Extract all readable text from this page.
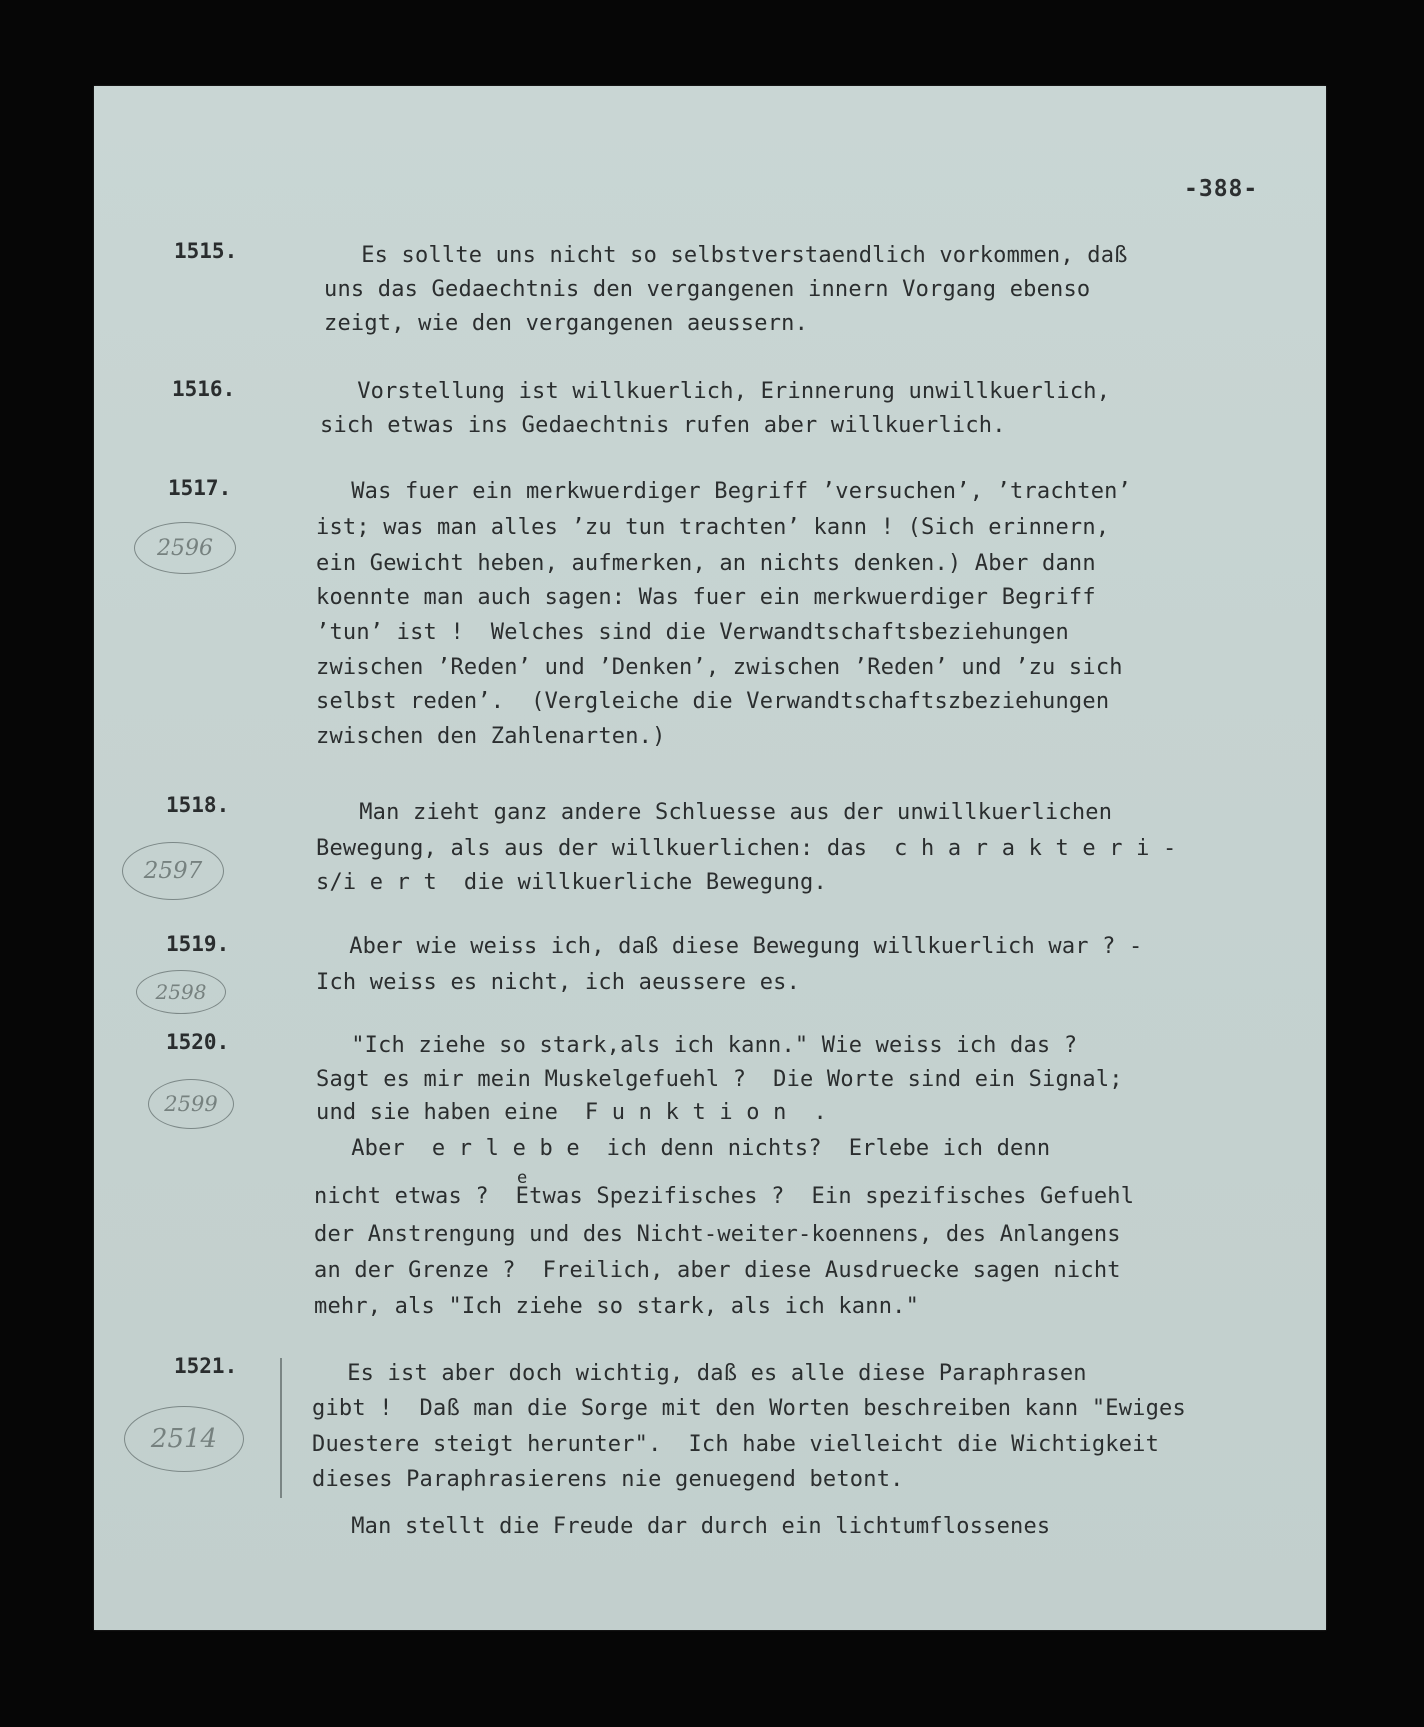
-388-
1515.	Es sollte uns nicht so selbstverstaendlich vorkommen, daß
uns das Gedaechtnis den vergangenen innern Vorgang ebenso
zeigt, wie den vergangenen aeussern.
1516. Vorstellung ist willkuerlich, Erinnerung unwillkuerlich,
sich etwas ins Gedaechtnis rufen aber willkuerlich.
1517.
2596
Was fuer ein merkwuerdiger Begriff ’versuchen’, ’trachten’
ist; was man alles ’zu tun trachten’ kann ! (Sich erinnern,
ein Gewicht heben, aufmerken, an nichts denken.) Aber dann
koennte man auch sagen: Was fuer ein merkwuerdiger Begriff
’tun’ ist !  Welches sind die Verwandtschaftsbeziehungen
zwischen ’Reden’ und ’Denken’, zwischen ’Reden’ und ’zu sich
selbst reden’.  (Vergleiche die Verwandtschaftszbeziehungen
zwischen den Zahlenarten.)
1518.
2597
Man zieht ganz andere Schluesse aus der unwillkuerlichen
Bewegung, als aus der willkuerlichen: das  c h a r a k t e r i -
s/i e r t  die willkuerliche Bewegung.
1519.
2598
Aber wie weiss ich, daß diese Bewegung willkuerlich war ? -
Ich weiss es nicht, ich aeussere es.
1520.
2599
"Ich ziehe so stark,als ich kann." Wie weiss ich das ?
Sagt es mir mein Muskelgefuehl ?  Die Worte sind ein Signal;
und sie haben eine  F u n k t i o n  .
Aber  e r l e b e  ich denn nichts?  Erlebe ich denn
e
nicht etwas ?  Etwas Spezifisches ?  Ein spezifisches Gefuehl
der Anstrengung und des Nicht-weiter-koennens, des Anlangens
an der Grenze ?  Freilich, aber diese Ausdruecke sagen nicht
mehr, als "Ich ziehe so stark, als ich kann."
1521.
2514
Es ist aber doch wichtig, daß es alle diese Paraphrasen
gibt !  Daß man die Sorge mit den Worten beschreiben kann "Ewiges
Duestere steigt herunter".  Ich habe vielleicht die Wichtigkeit
dieses Paraphrasierens nie genuegend betont.
Man stellt die Freude dar durch ein lichtumflossenes
